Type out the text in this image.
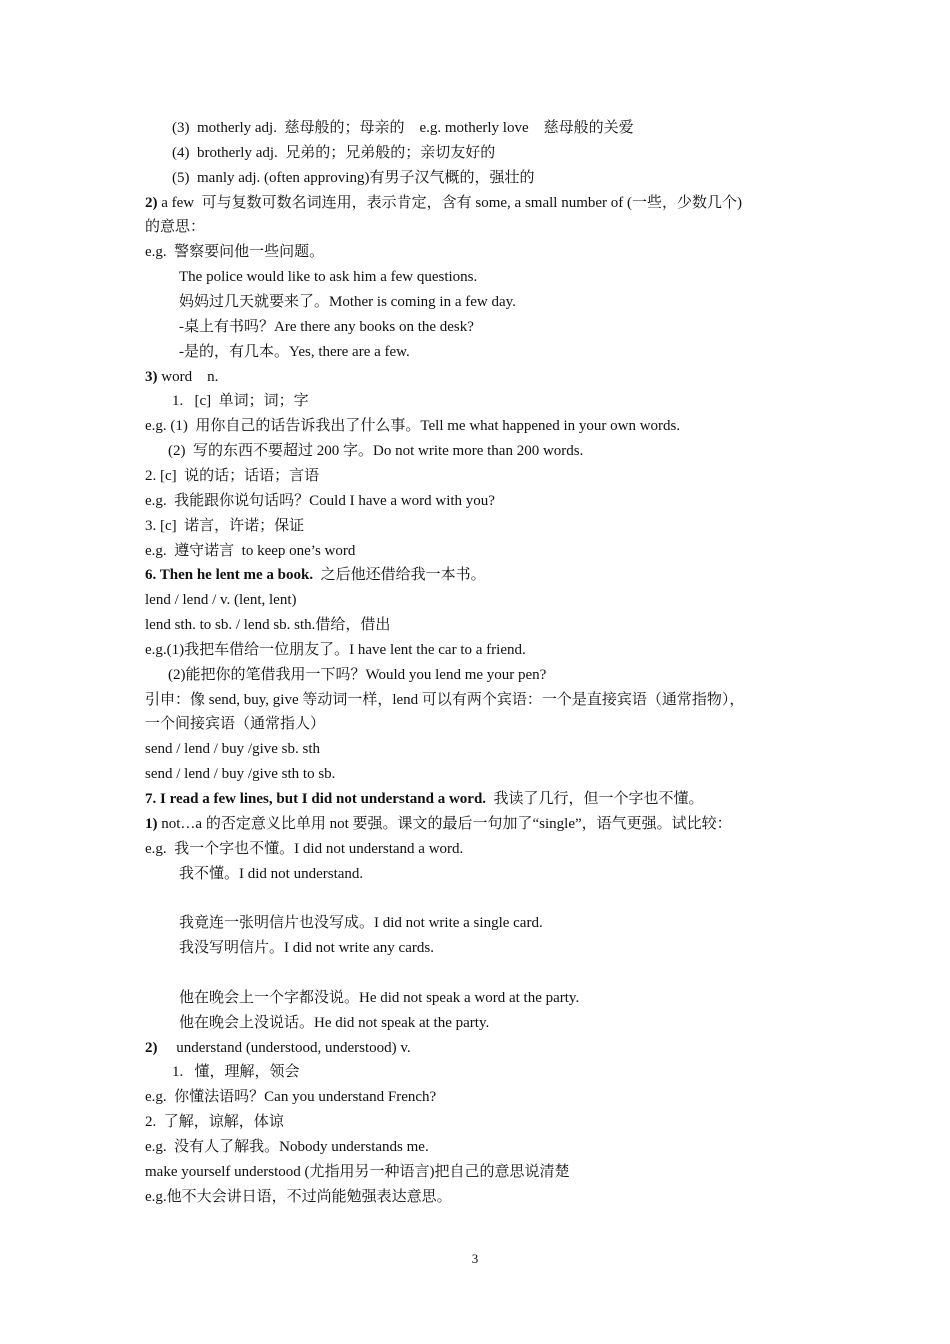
(3)  motherly adj.  慈母般的；母亲的    e.g. motherly love    慈母般的关爱
(4)  brotherly adj.  兄弟的；兄弟般的；亲切友好的
(5)  manly adj. (often approving)有男子汉气概的，强壮的
2) a few  可与复数可数名词连用，表示肯定，含有 some, a small number of (一些，少数几个)
的意思：
e.g.  警察要问他一些问题。
The police would like to ask him a few questions.
妈妈过几天就要来了。Mother is coming in a few day.
-桌上有书吗？Are there any books on the desk?
-是的，有几本。Yes, there are a few.
3) word    n.
1.   [c]  单词；词；字
e.g. (1)  用你自己的话告诉我出了什么事。Tell me what happened in your own words.
(2)  写的东西不要超过 200 字。Do not write more than 200 words.
2. [c]  说的话；话语；言语
e.g.  我能跟你说句话吗？Could I have a word with you?
3. [c]  诺言，许诺；保证
e.g.  遵守诺言  to keep one’s word
6. Then he lent me a book.  之后他还借给我一本书。
lend / lend / v. (lent, lent)
lend sth. to sb. / lend sb. sth.借给，借出
e.g.(1)我把车借给一位朋友了。I have lent the car to a friend.
(2)能把你的笔借我用一下吗？Would you lend me your pen?
引申：像 send, buy, give 等动词一样，lend 可以有两个宾语：一个是直接宾语（通常指物），
一个间接宾语（通常指人）
send / lend / buy /give sb. sth
send / lend / buy /give sth to sb.
7. I read a few lines, but I did not understand a word.  我读了几行，但一个字也不懂。
1) not…a 的否定意义比单用 not 要强。课文的最后一句加了“single”，语气更强。试比较：
e.g.  我一个字也不懂。I did not understand a word.
我不懂。I did not understand.
我竟连一张明信片也没写成。I did not write a single card.
我没写明信片。I did not write any cards.
他在晚会上一个字都没说。He did not speak a word at the party.
他在晚会上没说话。He did not speak at the party.
2)     understand (understood, understood) v.
1.   懂，理解，领会
e.g.  你懂法语吗？Can you understand French?
2.  了解，谅解，体谅
e.g.  没有人了解我。Nobody understands me.
make yourself understood (尤指用另一种语言)把自己的意思说清楚
e.g.他不大会讲日语，不过尚能勉强表达意思。
3
